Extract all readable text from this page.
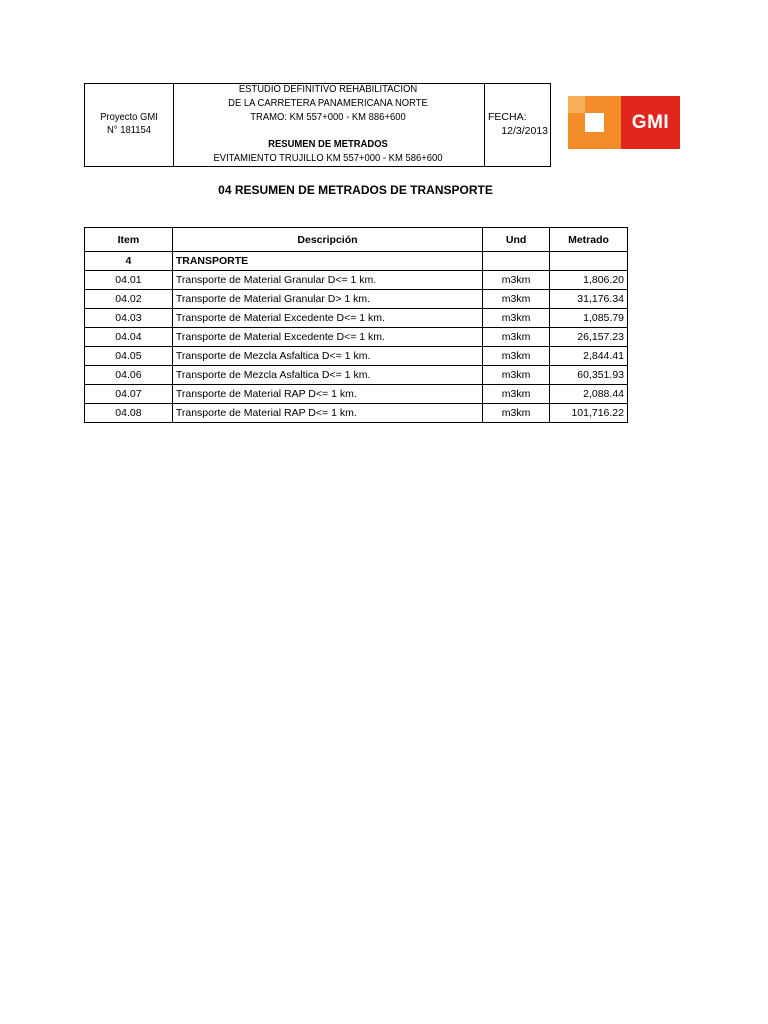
Proyecto GMI
N° 181154
ESTUDIO DEFINITIVO REHABILITACION
DE LA CARRETERA PANAMERICANA NORTE
TRAMO: KM 557+000 - KM 886+600
RESUMEN DE METRADOS
EVITAMIENTO TRUJILLO KM 557+000 - KM 586+600
FECHA:
12/3/2013	GMI
04 RESUMEN DE METRADOS DE TRANSPORTE
Item	Descripción	Und	Metrado
4	TRANSPORTE		
04.01	Transporte de Material Granular D<= 1 km.	m3km	1,806.20
04.02	Transporte de Material Granular D> 1 km.	m3km	31,176.34
04.03	Transporte de Material Excedente D<= 1 km.	m3km	1,085.79
04.04	Transporte de Material Excedente D<= 1 km.	m3km	26,157.23
04.05	Transporte de Mezcla Asfaltica D<= 1 km.	m3km	2,844.41
04.06	Transporte de Mezcla Asfaltica D<= 1 km.	m3km	60,351.93
04.07	Transporte de Material RAP D<= 1 km.	m3km	2,088.44
04.08	Transporte de Material RAP D<= 1 km.	m3km	101,716.22
